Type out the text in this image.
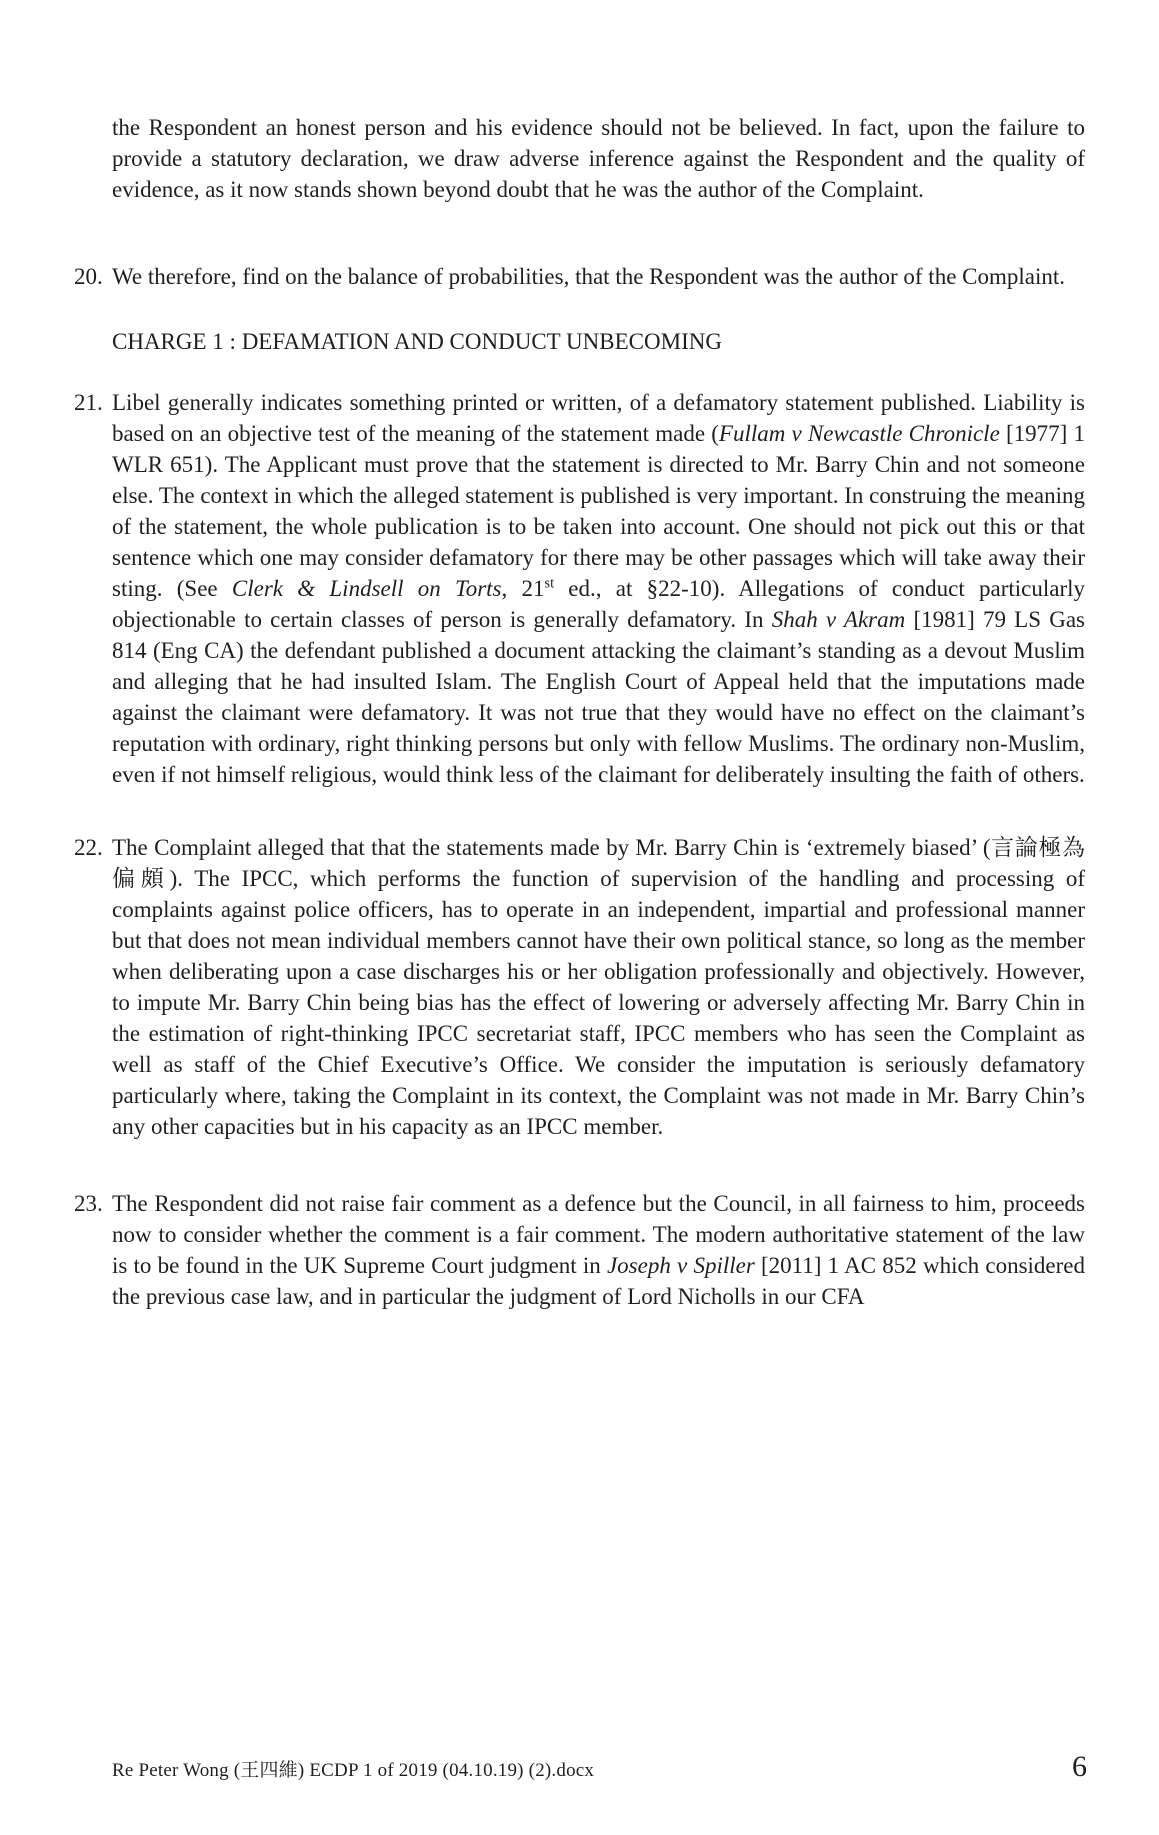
the Respondent an honest person and his evidence should not be believed. In fact, upon the failure to provide a statutory declaration, we draw adverse inference against the Respondent and the quality of evidence, as it now stands shown beyond doubt that he was the author of the Complaint.

20. We therefore, find on the balance of probabilities, that the Respondent was the author of the Complaint.

CHARGE 1 : DEFAMATION AND CONDUCT UNBECOMING

21. Libel generally indicates something printed or written, of a defamatory statement published. Liability is based on an objective test of the meaning of the statement made (Fullam v Newcastle Chronicle [1977] 1 WLR 651). The Applicant must prove that the statement is directed to Mr. Barry Chin and not someone else. The context in which the alleged statement is published is very important. In construing the meaning of the statement, the whole publication is to be taken into account. One should not pick out this or that sentence which one may consider defamatory for there may be other passages which will take away their sting. (See Clerk & Lindsell on Torts, 21st ed., at §22-10). Allegations of conduct particularly objectionable to certain classes of person is generally defamatory. In Shah v Akram [1981] 79 LS Gas 814 (Eng CA) the defendant published a document attacking the claimant’s standing as a devout Muslim and alleging that he had insulted Islam. The English Court of Appeal held that the imputations made against the claimant were defamatory. It was not true that they would have no effect on the claimant’s reputation with ordinary, right thinking persons but only with fellow Muslims. The ordinary non-Muslim, even if not himself religious, would think less of the claimant for deliberately insulting the faith of others.

22. The Complaint alleged that that the statements made by Mr. Barry Chin is ‘extremely biased’ (言論極為偏頗). The IPCC, which performs the function of supervision of the handling and processing of complaints against police officers, has to operate in an independent, impartial and professional manner but that does not mean individual members cannot have their own political stance, so long as the member when deliberating upon a case discharges his or her obligation professionally and objectively. However, to impute Mr. Barry Chin being bias has the effect of lowering or adversely affecting Mr. Barry Chin in the estimation of right-thinking IPCC secretariat staff, IPCC members who has seen the Complaint as well as staff of the Chief Executive’s Office. We consider the imputation is seriously defamatory particularly where, taking the Complaint in its context, the Complaint was not made in Mr. Barry Chin’s any other capacities but in his capacity as an IPCC member.

23. The Respondent did not raise fair comment as a defence but the Council, in all fairness to him, proceeds now to consider whether the comment is a fair comment. The modern authoritative statement of the law is to be found in the UK Supreme Court judgment in Joseph v Spiller [2011] 1 AC 852 which considered the previous case law, and in particular the judgment of Lord Nicholls in our CFA

Re Peter Wong (王四維) ECDP 1 of 2019 (04.10.19) (2).docx	6
